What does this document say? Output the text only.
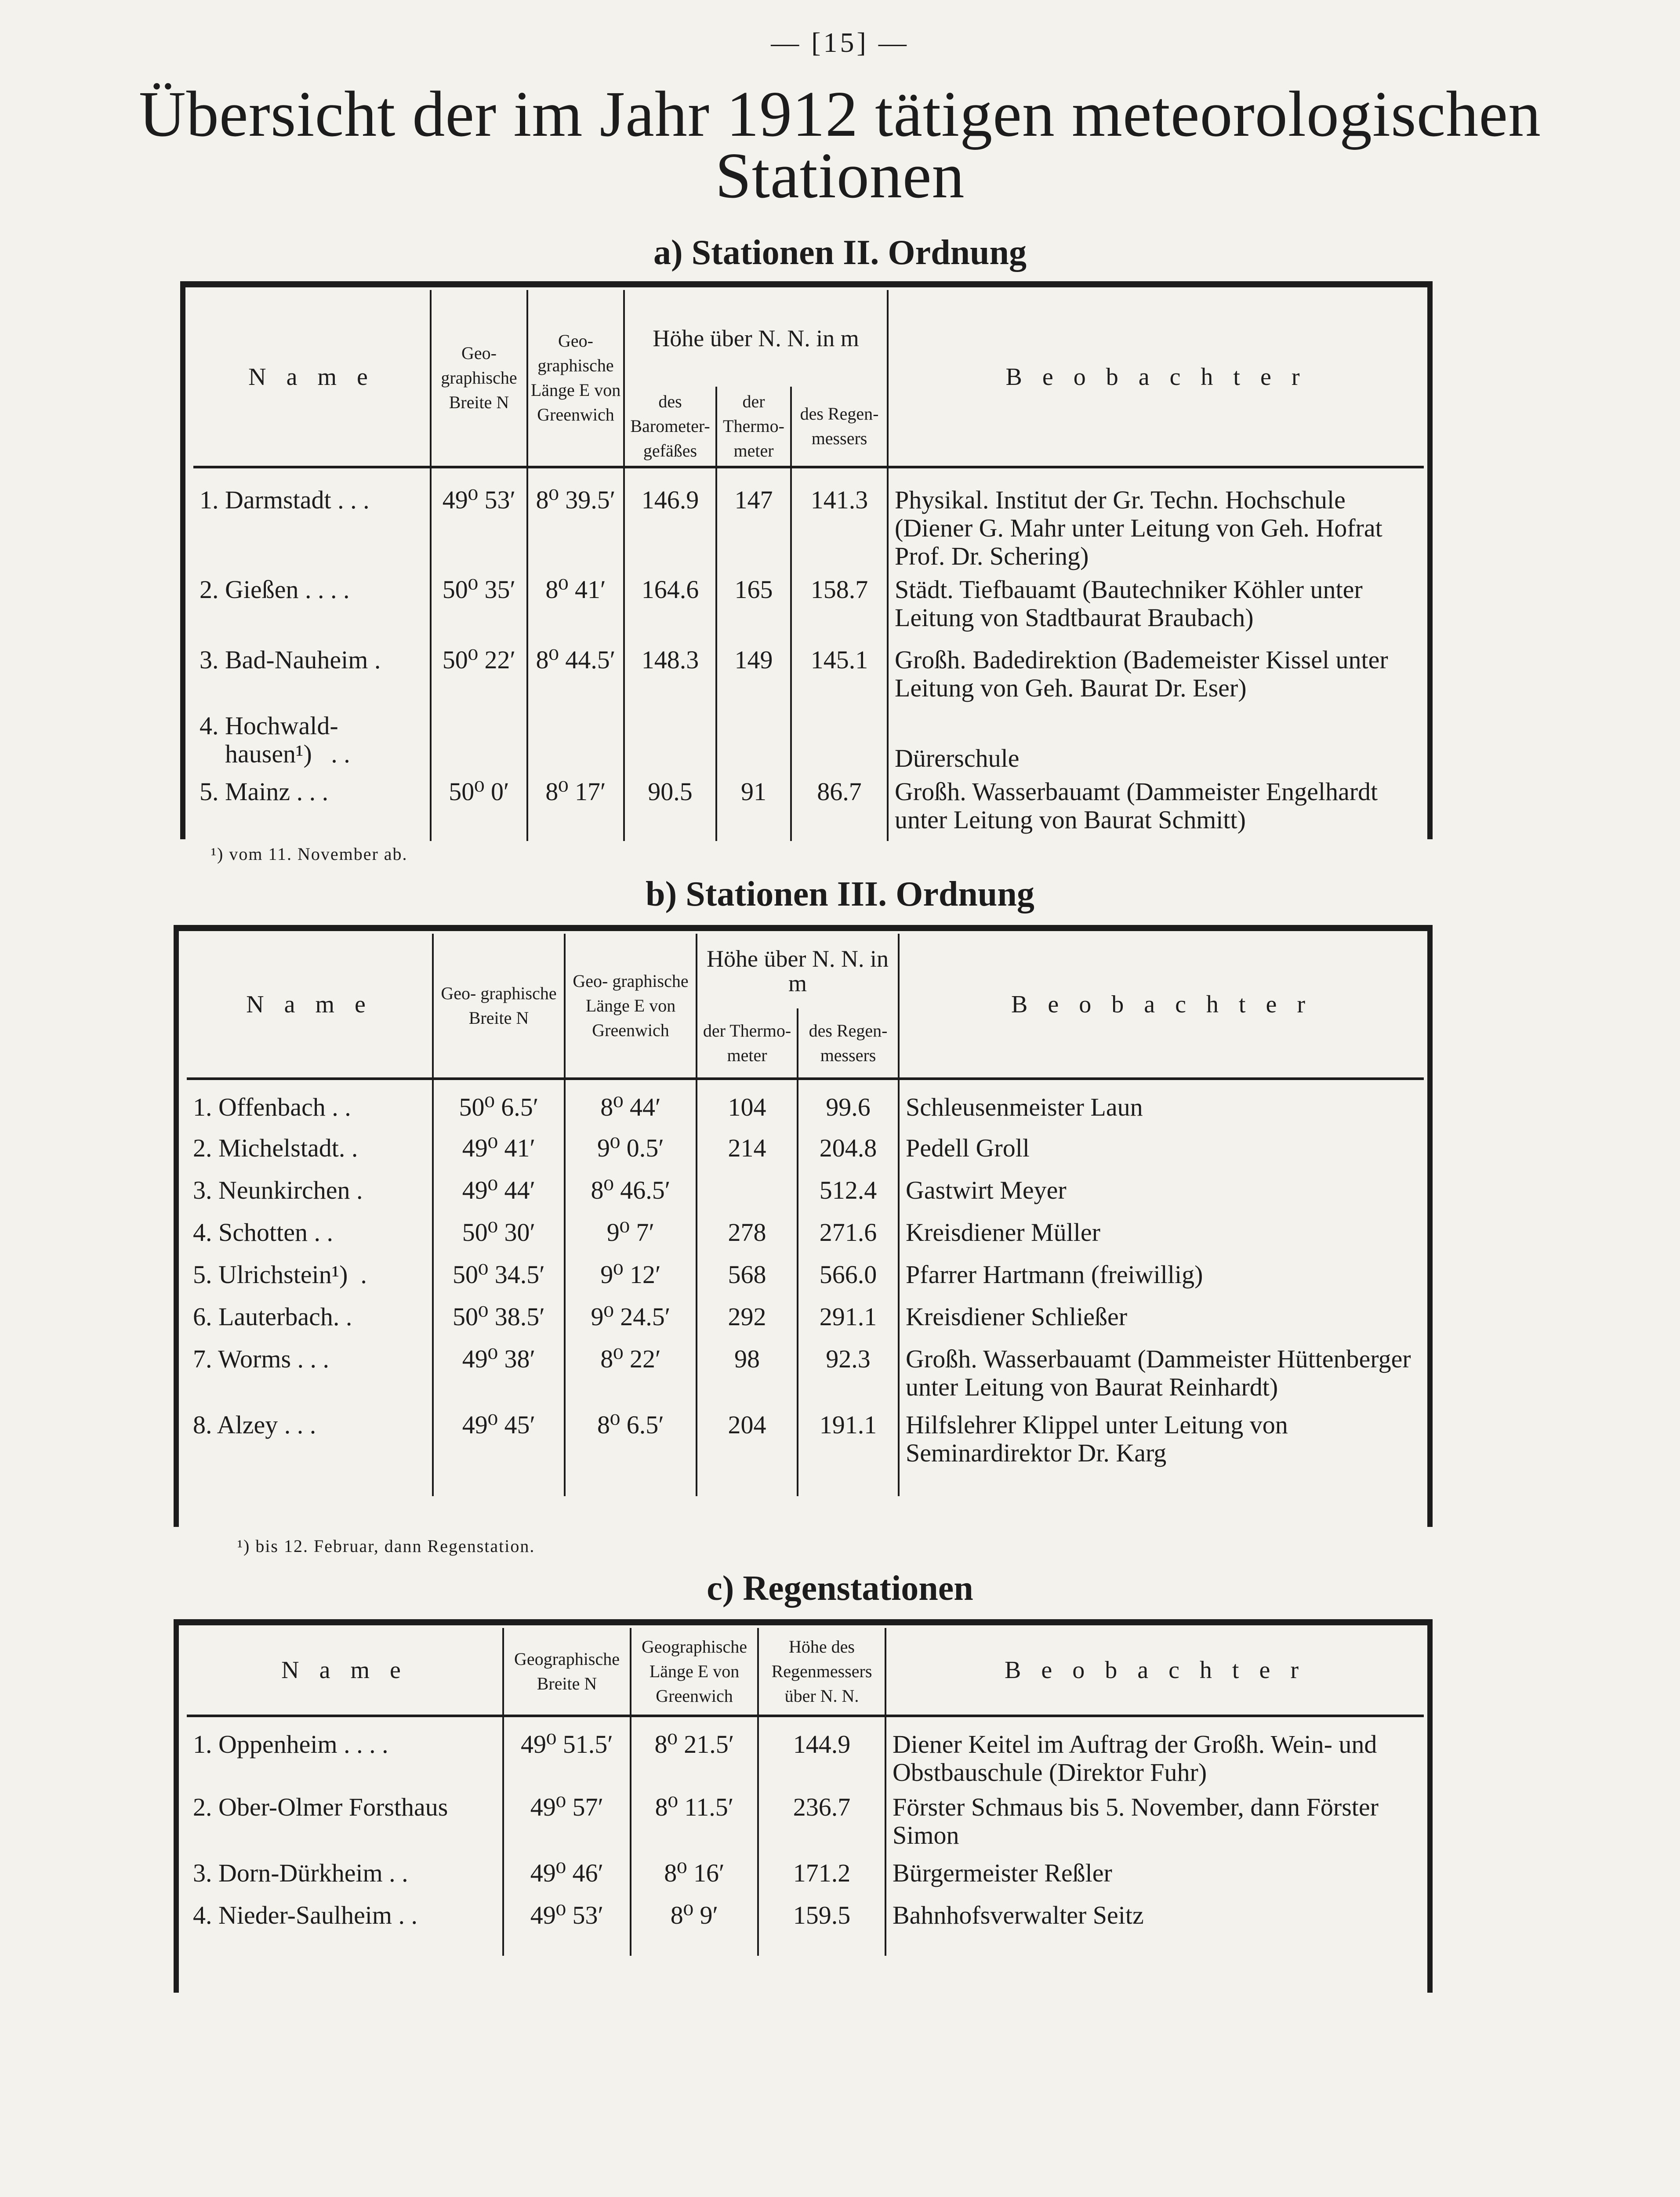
— [15] —
Übersicht der im Jahr 1912 tätigen meteorologischen Stationen
a) Stationen II. Ordnung
N a m e	Geo- graphische Breite N	Geo- graphische Länge E von Greenwich	Höhe über N. N. in m			B e o b a c h t e r
			des Barometer- gefäßes	der Thermo- meter	des Regen- messers	
1. Darmstadt . . .	49⁰ 53′	8⁰ 39.5′	146.9	147	141.3	Physikal. Institut der Gr. Techn. Hochschule (Diener G. Mahr unter Leitung von Geh. Hofrat Prof. Dr. Schering)
2. Gießen . . . .	50⁰ 35′	8⁰ 41′	164.6	165	158.7	Städt. Tiefbauamt (Bautechniker Köhler unter Leitung von Stadtbaurat Braubach)
3. Bad-Nauheim .	50⁰ 22′	8⁰ 44.5′	148.3	149	145.1	Großh. Badedirektion (Bademeister Kissel unter Leitung von Geh. Baurat Dr. Eser)
4. Hochwald-
hausen¹)   . .						Dürerschule
5. Mainz . . .	50⁰ 0′	8⁰ 17′	90.5	91	86.7	Großh. Wasserbauamt (Dammeister Engelhardt unter Leitung von Baurat Schmitt)
¹) vom 11. November ab.
b) Stationen III. Ordnung
N a m e	Geo- graphische Breite N	Geo- graphische Länge E von Greenwich	Höhe über N. N. in m		B e o b a c h t e r
			der Thermo- meter	des Regen- messers	
1. Offenbach . .	50⁰ 6.5′	8⁰ 44′	104	99.6	Schleusenmeister Laun
2. Michelstadt. .	49⁰ 41′	9⁰ 0.5′	214	204.8	Pedell Groll
3. Neunkirchen .	49⁰ 44′	8⁰ 46.5′		512.4	Gastwirt Meyer
4. Schotten . .	50⁰ 30′	9⁰ 7′	278	271.6	Kreisdiener Müller
5. Ulrichstein¹)  .	50⁰ 34.5′	9⁰ 12′	568	566.0	Pfarrer Hartmann (freiwillig)
6. Lauterbach. .	50⁰ 38.5′	9⁰ 24.5′	292	291.1	Kreisdiener Schließer
7. Worms . . .	49⁰ 38′	8⁰ 22′	98	92.3	Großh. Wasserbauamt (Dammeister Hüttenberger unter Leitung von Baurat Reinhardt)
8. Alzey . . .	49⁰ 45′	8⁰ 6.5′	204	191.1	Hilfslehrer Klippel unter Leitung von Seminardirektor Dr. Karg
¹) bis 12. Februar, dann Regenstation.
c) Regenstationen
N a m e	Geographische Breite N	Geographische Länge E von Greenwich	Höhe des Regenmessers über N. N.	B e o b a c h t e r
1. Oppenheim . . . .	49⁰ 51.5′	8⁰ 21.5′	144.9	Diener Keitel im Auftrag der Großh. Wein- und Obstbauschule (Direktor Fuhr)
2. Ober-Olmer Forsthaus	49⁰ 57′	8⁰ 11.5′	236.7	Förster Schmaus bis 5. November, dann Förster Simon
3. Dorn-Dürkheim . .	49⁰ 46′	8⁰ 16′	171.2	Bürgermeister Reßler
4. Nieder-Saulheim . .	49⁰ 53′	8⁰ 9′	159.5	Bahnhofsverwalter Seitz
